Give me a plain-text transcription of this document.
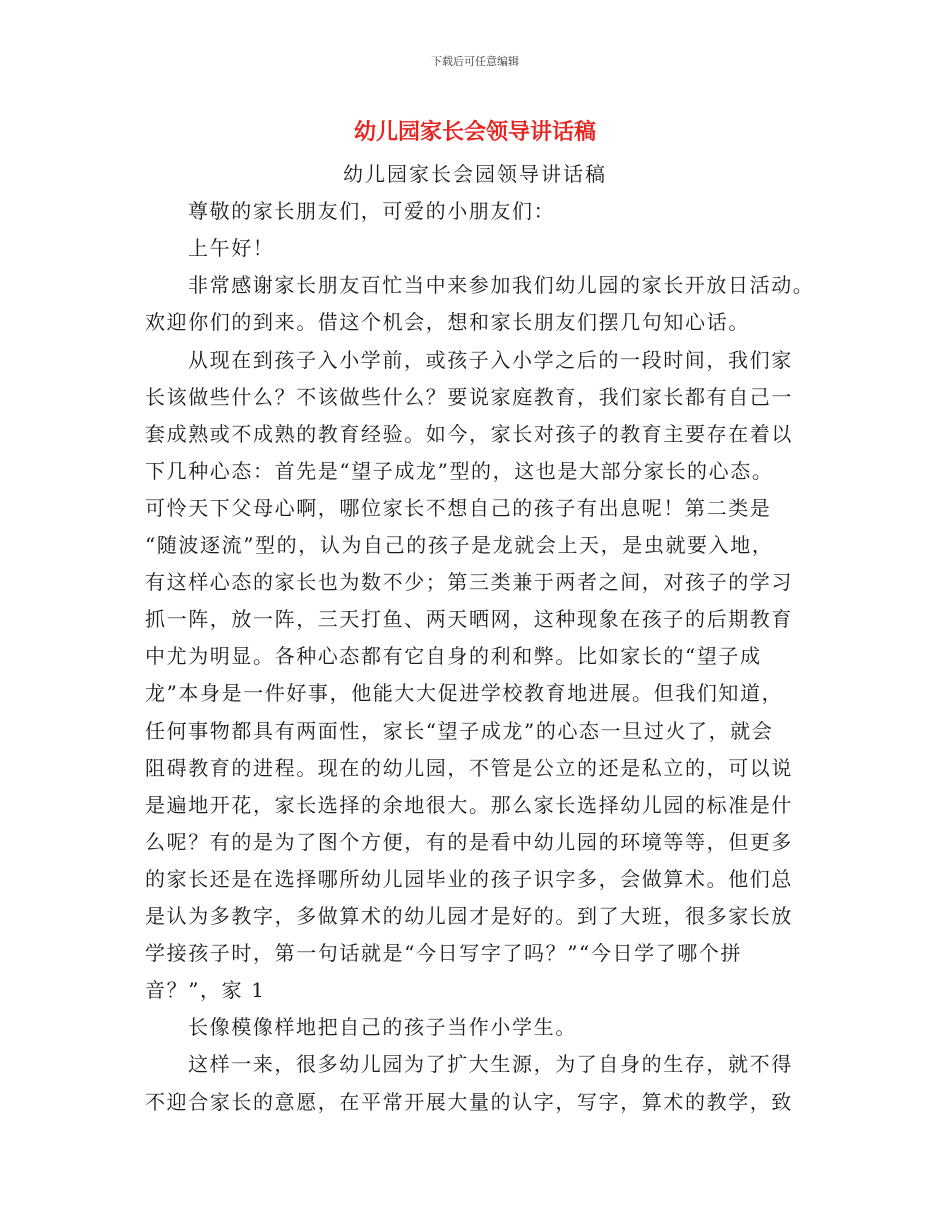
下载后可任意编辑
幼儿园家长会领导讲话稿
幼儿园家长会园领导讲话稿
尊敬的家长朋友们，可爱的小朋友们：
上午好！
非常感谢家长朋友百忙当中来参加我们幼儿园的家长开放日活动。
欢迎你们的到来。借这个机会，想和家长朋友们摆几句知心话。
从现在到孩子入小学前，或孩子入小学之后的一段时间，我们家
长该做些什么？不该做些什么？要说家庭教育，我们家长都有自己一
套成熟或不成熟的教育经验。如今，家长对孩子的教育主要存在着以
下几种心态：首先是“望子成龙”型的，这也是大部分家长的心态。
可怜天下父母心啊，哪位家长不想自己的孩子有出息呢！第二类是
“随波逐流”型的，认为自己的孩子是龙就会上天，是虫就要入地，
有这样心态的家长也为数不少；第三类兼于两者之间，对孩子的学习
抓一阵，放一阵，三天打鱼、两天晒网，这种现象在孩子的后期教育
中尤为明显。各种心态都有它自身的利和弊。比如家长的“望子成
龙”本身是一件好事，他能大大促进学校教育地进展。但我们知道，
任何事物都具有两面性，家长“望子成龙”的心态一旦过火了，就会
阻碍教育的进程。现在的幼儿园，不管是公立的还是私立的，可以说
是遍地开花，家长选择的余地很大。那么家长选择幼儿园的标准是什
么呢？有的是为了图个方便，有的是看中幼儿园的环境等等，但更多
的家长还是在选择哪所幼儿园毕业的孩子识字多，会做算术。他们总
是认为多教字，多做算术的幼儿园才是好的。到了大班，很多家长放
学接孩子时，第一句话就是“今日写字了吗？”“今日学了哪个拼
音？”，家 1
长像模像样地把自己的孩子当作小学生。
这样一来，很多幼儿园为了扩大生源，为了自身的生存，就不得
不迎合家长的意愿，在平常开展大量的认字，写字，算术的教学，致
